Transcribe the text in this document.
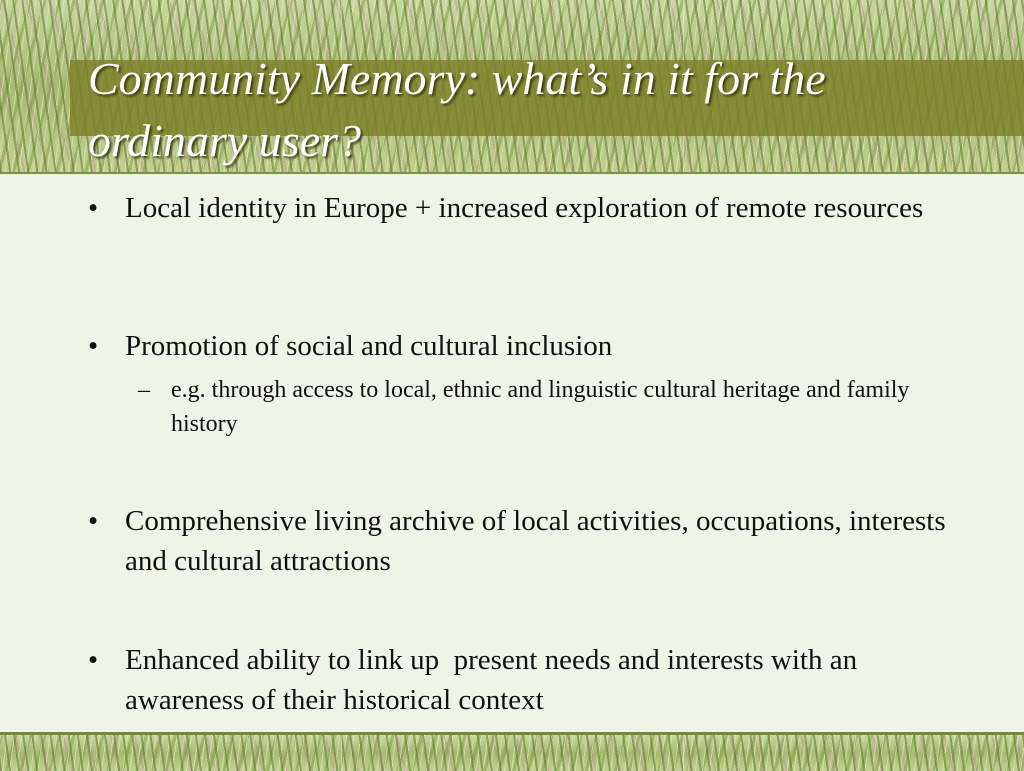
Community Memory: what’s in it for the ordinary user?
• Local identity in Europe + increased exploration of remote resources
• Promotion of social and cultural inclusion
– e.g. through access to local, ethnic and linguistic cultural heritage and family history
• Comprehensive living archive of local activities, occupations, interests and cultural attractions
• Enhanced ability to link up  present needs and interests with an awareness of their historical context
